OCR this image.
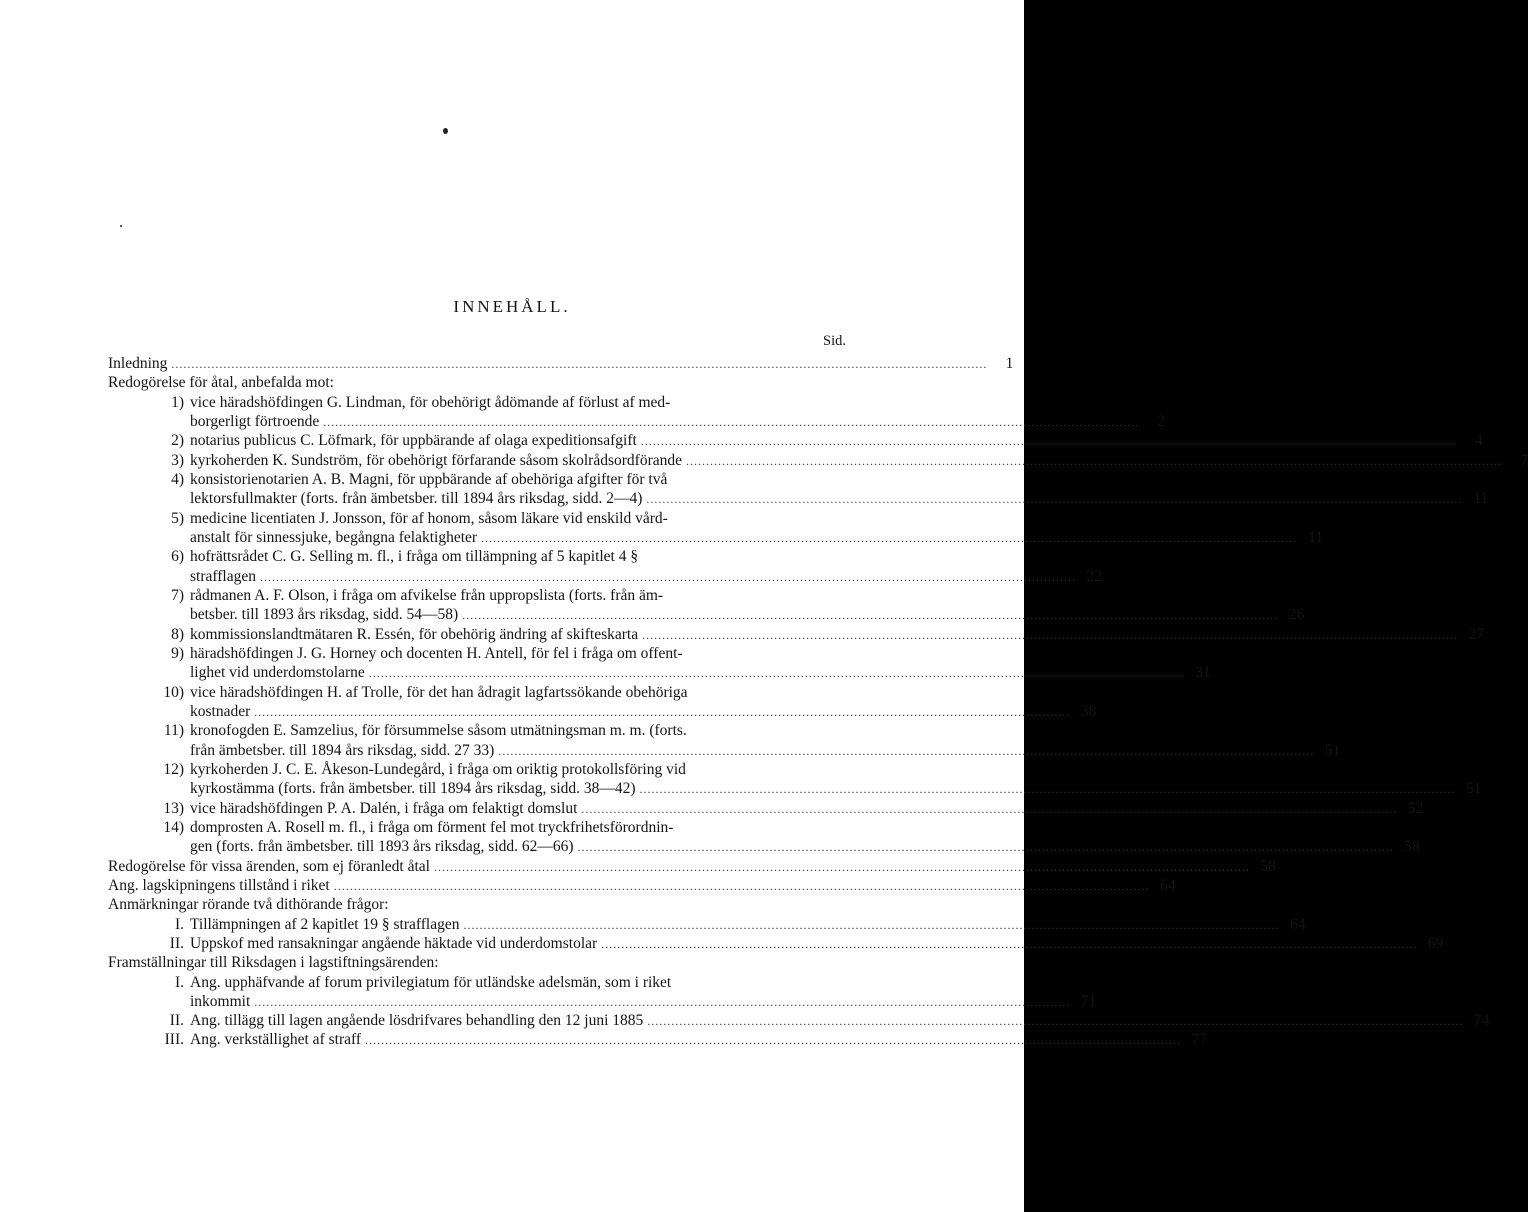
INNEHÅLL.
Sid.
Inledning .....	1
Redogörelse för åtal, anbefalda mot:
1) vice häradshöfdingen G. Lindman, för obehörigt ådömande af förlust af med-
borgerligt förtroende .....	2
2) notarius publicus C. Löfmark, för uppbärande af olaga expeditionsafgift .....	4
3) kyrkoherden K. Sundström, för obehörigt förfarande såsom skolrådsordförande .....	7
4) konsistorienotarien A. B. Magni, för uppbärande af obehöriga afgifter för två
lektorsfullmakter (forts. från ämbetsber. till 1894 års riksdag, sidd. 2—4) .....	11
5) medicine licentiaten J. Jonsson, för af honom, såsom läkare vid enskild vård-
anstalt för sinnessjuke, begångna felaktigheter .....	11
6) hofrättsrådet C. G. Selling m. fl., i fråga om tillämpning af 5 kapitlet 4 §
strafflagen .....	22
7) rådmanen A. F. Olson, i fråga om afvikelse från uppropslista (forts. från äm-
betsber. till 1893 års riksdag, sidd. 54—58) .....	26
8) kommissionslandtmätaren R. Essén, för obehörig ändring af skifteskarta .....	27
9) häradshöfdingen J. G. Horney och docenten H. Antell, för fel i fråga om offent-
lighet vid underdomstolarne .....	31
10) vice häradshöfdingen H. af Trolle, för det han ådragit lagfartssökande obehöriga
kostnader .....	38
11) kronofogden E. Samzelius, för försummelse såsom utmätningsman m. m. (forts.
från ämbetsber. till 1894 års riksdag, sidd. 27 33) .....	51
12) kyrkoherden J. C. E. Åkeson-Lundegård, i fråga om oriktig protokollsföring vid
kyrkostämma (forts. från ämbetsber. till 1894 års riksdag, sidd. 38—42) .....	51
13) vice häradshöfdingen P. A. Dalén, i fråga om felaktigt domslut .....	52
14) domprosten A. Rosell m. fl., i fråga om förment fel mot tryckfrihetsförordnin-
gen (forts. från ämbetsber. till 1893 års riksdag, sidd. 62—66) .....	58
Redogörelse för vissa ärenden, som ej föranledt åtal .....	58
Ang. lagskipningens tillstånd i riket .....	64
Anmärkningar rörande två dithörande frågor:
I. Tillämpningen af 2 kapitlet 19 § strafflagen .....	64
II. Uppskof med ransakningar angående häktade vid underdomstolar .....	69
Framställningar till Riksdagen i lagstiftningsärenden:
I. Ang. upphäfvande af forum privilegiatum för utländske adelsmän, som i riket
inkommit .....	71
II. Ang. tillägg till lagen angående lösdrifvares behandling den 12 juni 1885 .....	74
III. Ang. verkställighet af straff .....	77
